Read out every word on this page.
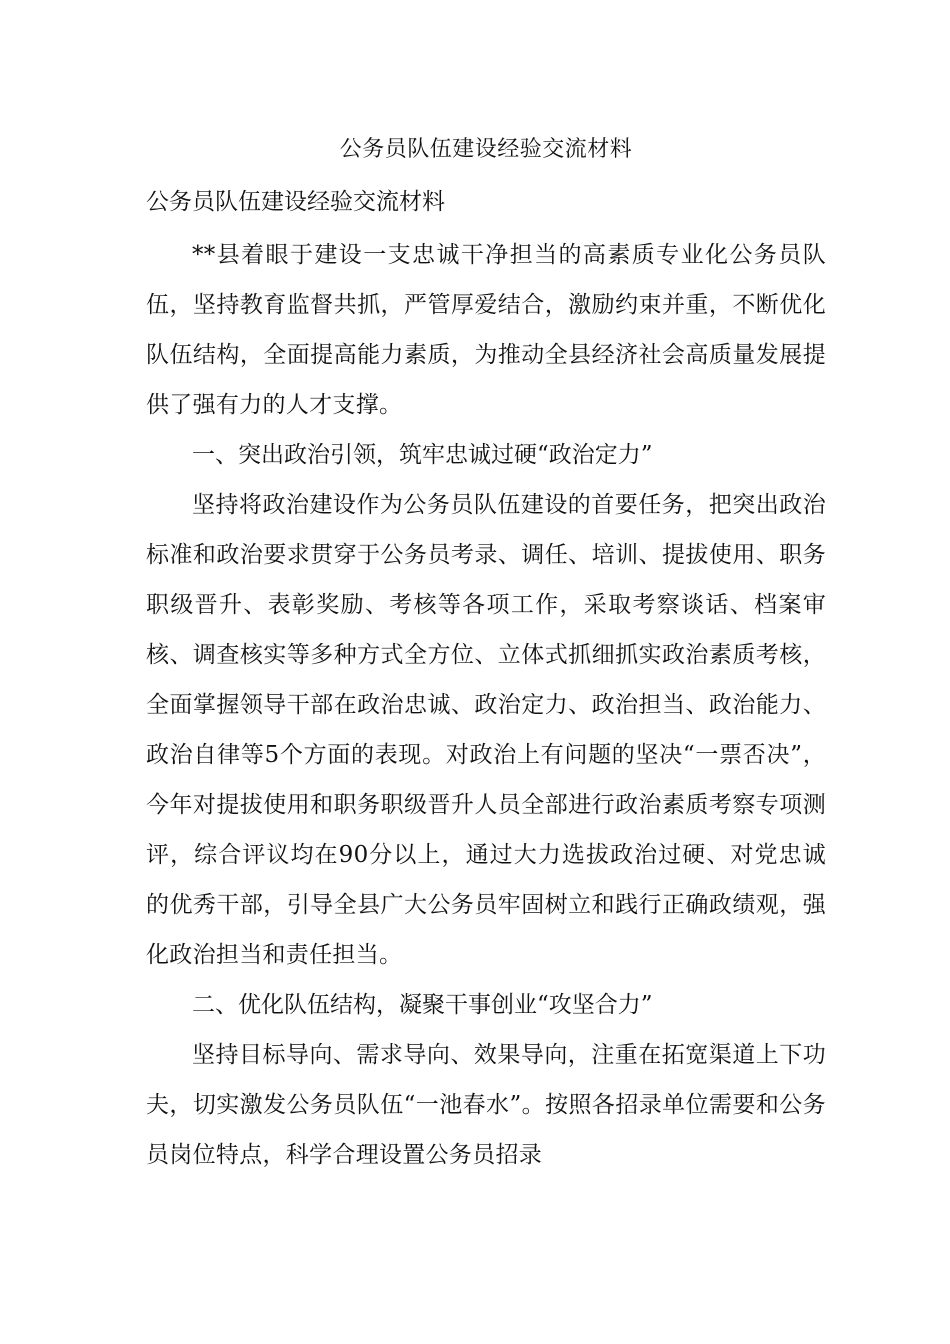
公务员队伍建设经验交流材料

公务员队伍建设经验交流材料

**县着眼于建设一支忠诚干净担当的高素质专业化公务员队伍，坚持教育监督共抓，严管厚爱结合，激励约束并重，不断优化队伍结构，全面提高能力素质，为推动全县经济社会高质量发展提供了强有力的人才支撑。

一、突出政治引领，筑牢忠诚过硬“政治定力”

坚持将政治建设作为公务员队伍建设的首要任务，把突出政治标准和政治要求贯穿于公务员考录、调任、培训、提拔使用、职务职级晋升、表彰奖励、考核等各项工作，采取考察谈话、档案审核、调查核实等多种方式全方位、立体式抓细抓实政治素质考核，全面掌握领导干部在政治忠诚、政治定力、政治担当、政治能力、政治自律等5个方面的表现。对政治上有问题的坚决“一票否决”，今年对提拔使用和职务职级晋升人员全部进行政治素质考察专项测评，综合评议均在90分以上，通过大力选拔政治过硬、对党忠诚的优秀干部，引导全县广大公务员牢固树立和践行正确政绩观，强化政治担当和责任担当。

二、优化队伍结构，凝聚干事创业“攻坚合力”

坚持目标导向、需求导向、效果导向，注重在拓宽渠道上下功夫，切实激发公务员队伍“一池春水”。按照各招录单位需要和公务员岗位特点，科学合理设置公务员招录
